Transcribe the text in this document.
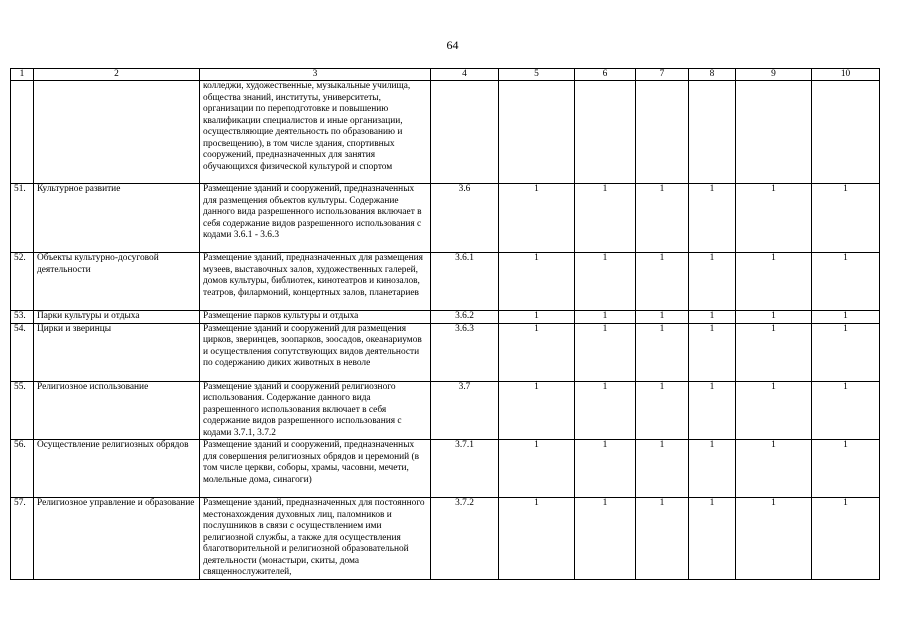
64
1	2	3	4	5	6	7	8	9	10
		колледжи, художественные, музыкальные училища, общества знаний, институты, университеты, организации по переподготовке и повышению квалификации специалистов и иные организации, осуществляющие деятельность по образованию и просвещению), в том числе здания, спортивных сооружений, предназначенных для занятия обучающихся физической культурой и спортом							
51.	Культурное развитие	Размещение зданий и сооружений, предназначенных для размещения объектов культуры. Содержание данного вида разрешенного использования включает в себя содержание видов разрешенного использования с кодами 3.6.1 - 3.6.3	3.6	1	1	1	1	1	1
52.	Объекты культурно-досуговой деятельности	Размещение зданий, предназначенных для размещения музеев, выставочных залов, художественных галерей, домов культуры, библиотек, кинотеатров и кинозалов, театров, филармоний, концертных залов, планетариев	3.6.1	1	1	1	1	1	1
53.	Парки культуры и отдыха	Размещение парков культуры и отдыха	3.6.2	1	1	1	1	1	1
54.	Цирки и зверинцы	Размещение зданий и сооружений для размещения цирков, зверинцев, зоопарков, зоосадов, океанариумов и осуществления сопутствующих видов деятельности по содержанию диких животных в неволе	3.6.3	1	1	1	1	1	1
55.	Религиозное использование	Размещение зданий и сооружений религиозного использования. Содержание данного вида разрешенного использования включает в себя содержание видов разрешенного использования с кодами 3.7.1, 3.7.2	3.7	1	1	1	1	1	1
56.	Осуществление религиозных обрядов	Размещение зданий и сооружений, предназначенных для совершения религиозных обрядов и церемоний (в том числе церкви, соборы, храмы, часовни, мечети, молельные дома, синагоги)	3.7.1	1	1	1	1	1	1
57.	Религиозное управление и образование	Размещение зданий, предназначенных для постоянного местонахождения духовных лиц, паломников и послушников в связи с осуществлением ими религиозной службы, а также для осуществления благотворительной и религиозной образовательной деятельности (монастыри, скиты, дома священнослужителей,	3.7.2	1	1	1	1	1	1
